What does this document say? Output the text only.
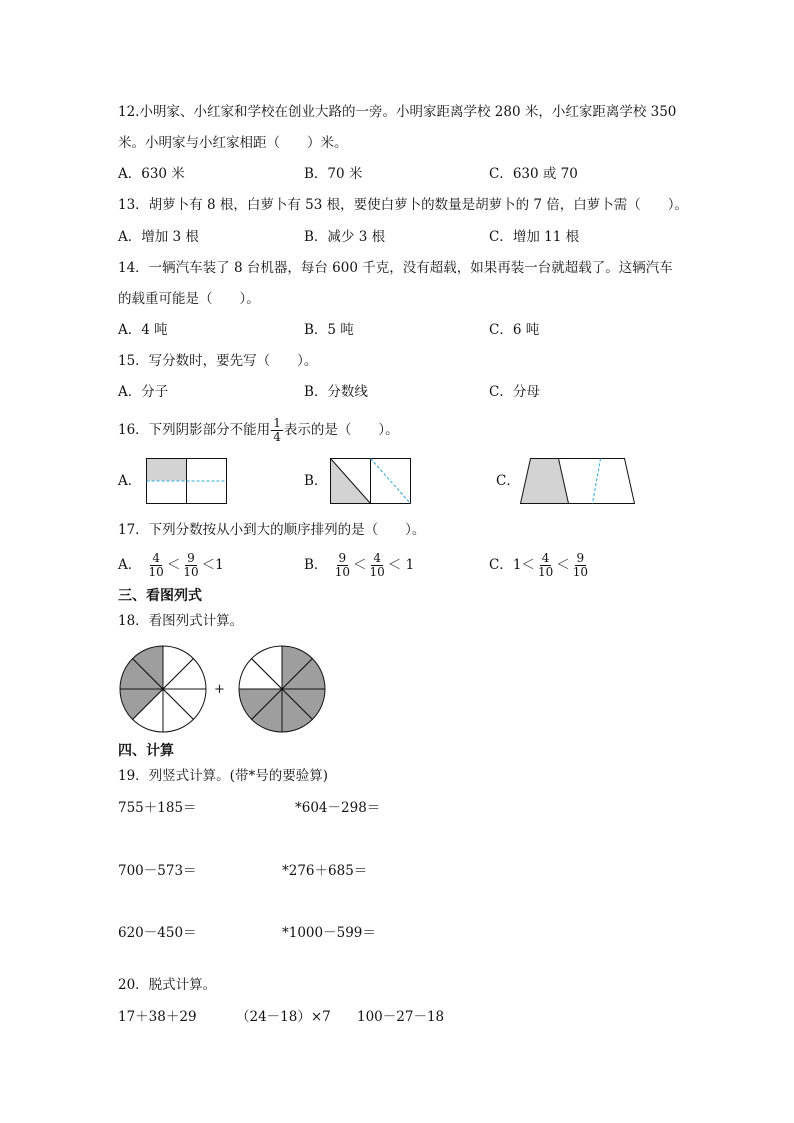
12.小明家、小红家和学校在创业大路的一旁。小明家距离学校 280 米，小红家距离学校 350
米。小明家与小红家相距（　　）米。
A．630 米	B．70 米	C．630 或 70
13．胡萝卜有 8 根，白萝卜有 53 根，要使白萝卜的数量是胡萝卜的 7 倍，白萝卜需（　　）。
A．增加 3 根	B．减少 3 根	C．增加 11 根
14．一辆汽车装了 8 台机器，每台 600 千克，没有超载，如果再装一台就超载了。这辆汽车
的载重可能是（　　）。
A．4 吨	B．5 吨	C．6 吨
15．写分数时，要先写（　　）。
A．分子	B．分数线	C．分母
16．下列阴影部分不能用 $\frac{1}{4}$ 表示的是（　　）。
A．	B．	C．
17．下列分数按从小到大的顺序排列的是（　　）。
A． $\frac{4}{10} < \frac{9}{10} <1$	B． $\frac{9}{10} < \frac{4}{10} < 1$	C．$1< \frac{4}{10} < \frac{9}{10}$
三、看图列式
18．看图列式计算。
+
四、计算
19．列竖式计算。(带*号的要验算)
755＋185＝	*604－298＝
700－573＝	*276＋685＝
620－450＝	*1000－599＝
20．脱式计算。
17＋38＋29	（24－18）×7 100－27－18
